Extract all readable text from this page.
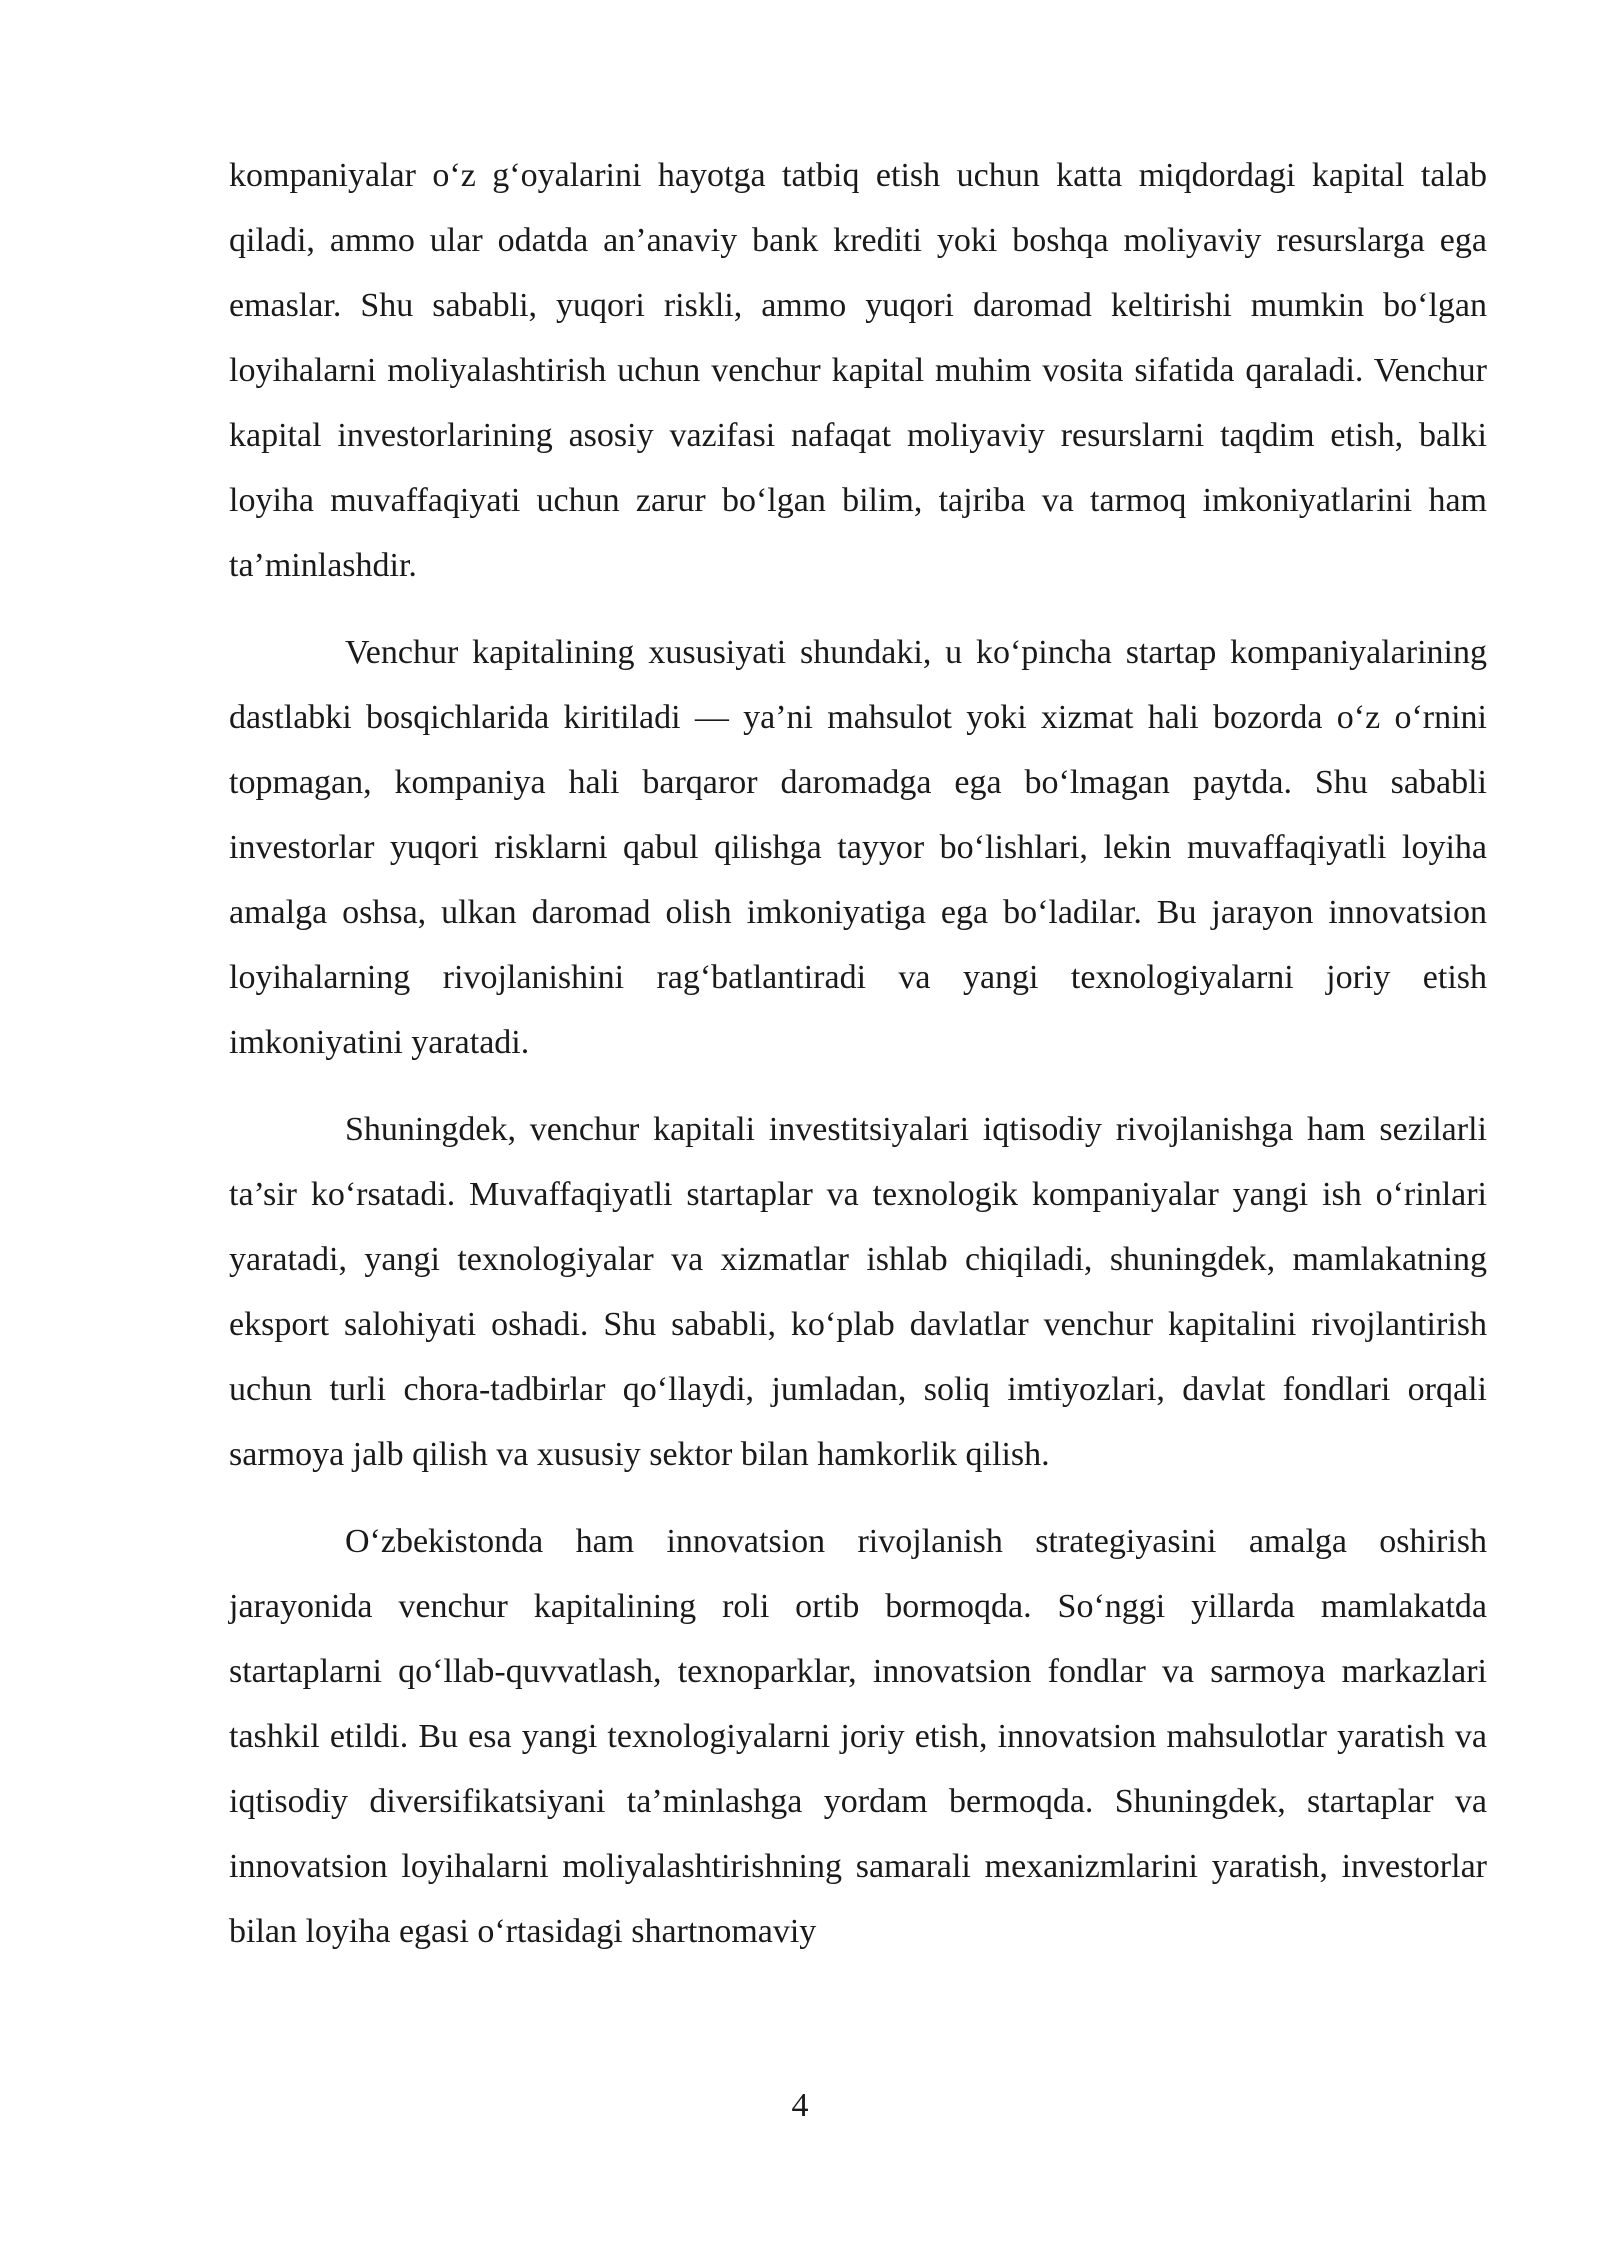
kompaniyalar o‘z g‘oyalarini hayotga tatbiq etish uchun katta miqdordagi kapital talab qiladi, ammo ular odatda an’anaviy bank krediti yoki boshqa moliyaviy resurslarga ega emaslar. Shu sababli, yuqori riskli, ammo yuqori daromad keltirishi mumkin bo‘lgan loyihalarni moliyalashtirish uchun venchur kapital muhim vosita sifatida qaraladi. Venchur kapital investorlarining asosiy vazifasi nafaqat moliyaviy resurslarni taqdim etish, balki loyiha muvaffaqiyati uchun zarur bo‘lgan bilim, tajriba va tarmoq imkoniyatlarini ham ta’minlashdir.

Venchur kapitalining xususiyati shundaki, u ko‘pincha startap kompaniyalarining dastlabki bosqichlarida kiritiladi — ya’ni mahsulot yoki xizmat hali bozorda o‘z o‘rnini topmagan, kompaniya hali barqaror daromadga ega bo‘lmagan paytda. Shu sababli investorlar yuqori risklarni qabul qilishga tayyor bo‘lishlari, lekin muvaffaqiyatli loyiha amalga oshsa, ulkan daromad olish imkoniyatiga ega bo‘ladilar. Bu jarayon innovatsion loyihalarning rivojlanishini rag‘batlantiradi va yangi texnologiyalarni joriy etish imkoniyatini yaratadi.

Shuningdek, venchur kapitali investitsiyalari iqtisodiy rivojlanishga ham sezilarli ta’sir ko‘rsatadi. Muvaffaqiyatli startaplar va texnologik kompaniyalar yangi ish o‘rinlari yaratadi, yangi texnologiyalar va xizmatlar ishlab chiqiladi, shuningdek, mamlakatning eksport salohiyati oshadi. Shu sababli, ko‘plab davlatlar venchur kapitalini rivojlantirish uchun turli chora-tadbirlar qo‘llaydi, jumladan, soliq imtiyozlari, davlat fondlari orqali sarmoya jalb qilish va xususiy sektor bilan hamkorlik qilish.

O‘zbekistonda ham innovatsion rivojlanish strategiyasini amalga oshirish jarayonida venchur kapitalining roli ortib bormoqda. So‘nggi yillarda mamlakatda startaplarni qo‘llab-quvvatlash, texnoparklar, innovatsion fondlar va sarmoya markazlari tashkil etildi. Bu esa yangi texnologiyalarni joriy etish, innovatsion mahsulotlar yaratish va iqtisodiy diversifikatsiyani ta’minlashga yordam bermoqda. Shuningdek, startaplar va innovatsion loyihalarni moliyalashtirishning samarali mexanizmlarini yaratish, investorlar bilan loyiha egasi o‘rtasidagi shartnomaviy

4
